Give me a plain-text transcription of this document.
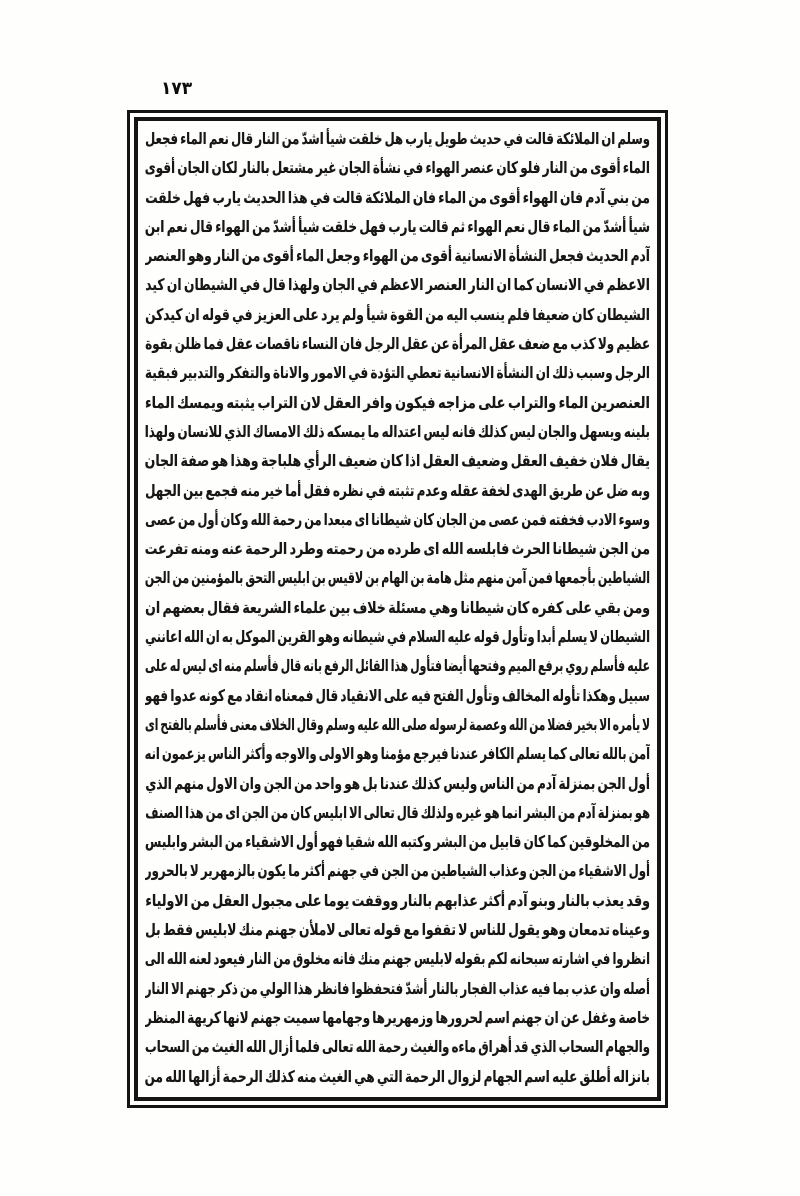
١٧٣
وسلم ان الملائكة قالت في حديث طويل يارب هل خلقت شيأ اشدّ من النار قال نعم الماء فجعل
الماء أقوى من النار فلو كان عنصر الهواء في نشأة الجان غير مشتعل بالنار لكان الجان أقوى
من بني آدم فان الهواء أقوى من الماء فان الملائكة قالت في هذا الحديث يارب فهل خلقت
شيأ أشدّ من الماء قال نعم الهواء ثم قالت يارب فهل خلقت شيأ أشدّ من الهواء قال نعم ابن
آدم الحديث فجعل النشأة الانسانية أقوى من الهواء وجعل الماء أقوى من النار وهو العنصر
الاعظم في الانسان كما ان النار العنصر الاعظم في الجان ولهذا قال في الشيطان ان كيد
الشيطان كان ضعيفا فلم ينسب اليه من القوة شيأ ولم يرد على العزيز في قوله ان كيدكن
عظيم ولا كذب مع ضعف عقل المرأة عن عقل الرجل فان النساء ناقصات عقل فما ظلن بقوة
الرجل وسبب ذلك ان النشأة الانسانية تعطي التؤدة في الامور والاناة والتفكر والتدبير فبقية
العنصرين الماء والتراب على مزاجه فيكون وافر العقل لان التراب يثبته ويمسك الماء
بلينه ويسهل والجان ليس كذلك فانه ليس اعتداله ما يمسكه ذلك الامساك الذي للانسان ولهذا
يقال فلان خفيف العقل وضعيف العقل اذا كان ضعيف الرأي هلباجة وهذا هو صفة الجان
وبه ضل عن طريق الهدى لخفة عقله وعدم تثبته في نظره فقل أما خير منه فجمع بين الجهل
وسوء الادب فخفته فمن عصى من الجان كان شيطانا اى مبعدا من رحمة الله وكان أول من عصى
من الجن شيطانا الحرث فابلسه الله اى طرده من رحمته وطرد الرحمة عنه ومنه تفرعت
الشياطين بأجمعها فمن آمن منهم مثل هامة بن الهام بن لاقيس بن ابليس التحق بالمؤمنين من الجن
ومن بقي على كفره كان شيطانا وهي مسئلة خلاف بين علماء الشريعة فقال بعضهم ان
الشيطان لا يسلم أبدا وتأول قوله عليه السلام في شيطانه وهو القرين الموكل به ان الله اعانني
عليه فأسلم روي برفع الميم وفتحها أيضا فتأول هذا القائل الرفع بانه قال فأسلم منه اى ليس له على
سبيل وهكذا تأوله المخالف وتأول الفتح فيه على الانقياد قال فمعناه انقاد مع كونه عدوا فهو
لا يأمره الا بخير فضلا من الله وعصمة لرسوله صلى الله عليه وسلم وقال الخلاف معنى فأسلم بالفتح اى
آمن بالله تعالى كما يسلم الكافر عندنا فيرجع مؤمنا وهو الاولى والاوجه وأكثر الناس يزعمون انه
أول الجن بمنزلة آدم من الناس وليس كذلك عندنا بل هو واحد من الجن وان الاول منهم الذي
هو بمنزلة آدم من البشر انما هو غيره ولذلك قال تعالى الا ابليس كان من الجن اى من هذا الصنف
من المخلوقين كما كان قابيل من البشر وكتبه الله شقيا فهو أول الاشقياء من البشر وابليس
أول الاشقياء من الجن وعذاب الشياطين من الجن في جهنم أكثر ما يكون بالزمهرير لا بالحرور
وقد يعذب بالنار وبنو آدم أكثر عذابهم بالنار ووقفت يوما على مجبول العقل من الاولياء
وعيناه تدمعان وهو يقول للناس لا تقفوا مع قوله تعالى لاملأن جهنم منك لابليس فقط بل
انظروا في اشارته سبحانه لكم بقوله لابليس جهنم منك فانه مخلوق من النار فيعود لعنه الله الى
أصله وان عذب بما فيه عذاب الفجار بالنار أشدّ فتحفظوا فانظر هذا الولي من ذكر جهنم الا النار
خاصة وغفل عن ان جهنم اسم لحرورها وزمهريرها وجهامها سميت جهنم لانها كريهة المنظر
والجهام السحاب الذي قد أهراق ماءه والغيث رحمة الله تعالى فلما أزال الله الغيث من السحاب
بانزاله أطلق عليه اسم الجهام لزوال الرحمة التي هي الغيث منه كذلك الرحمة أزالها الله من
